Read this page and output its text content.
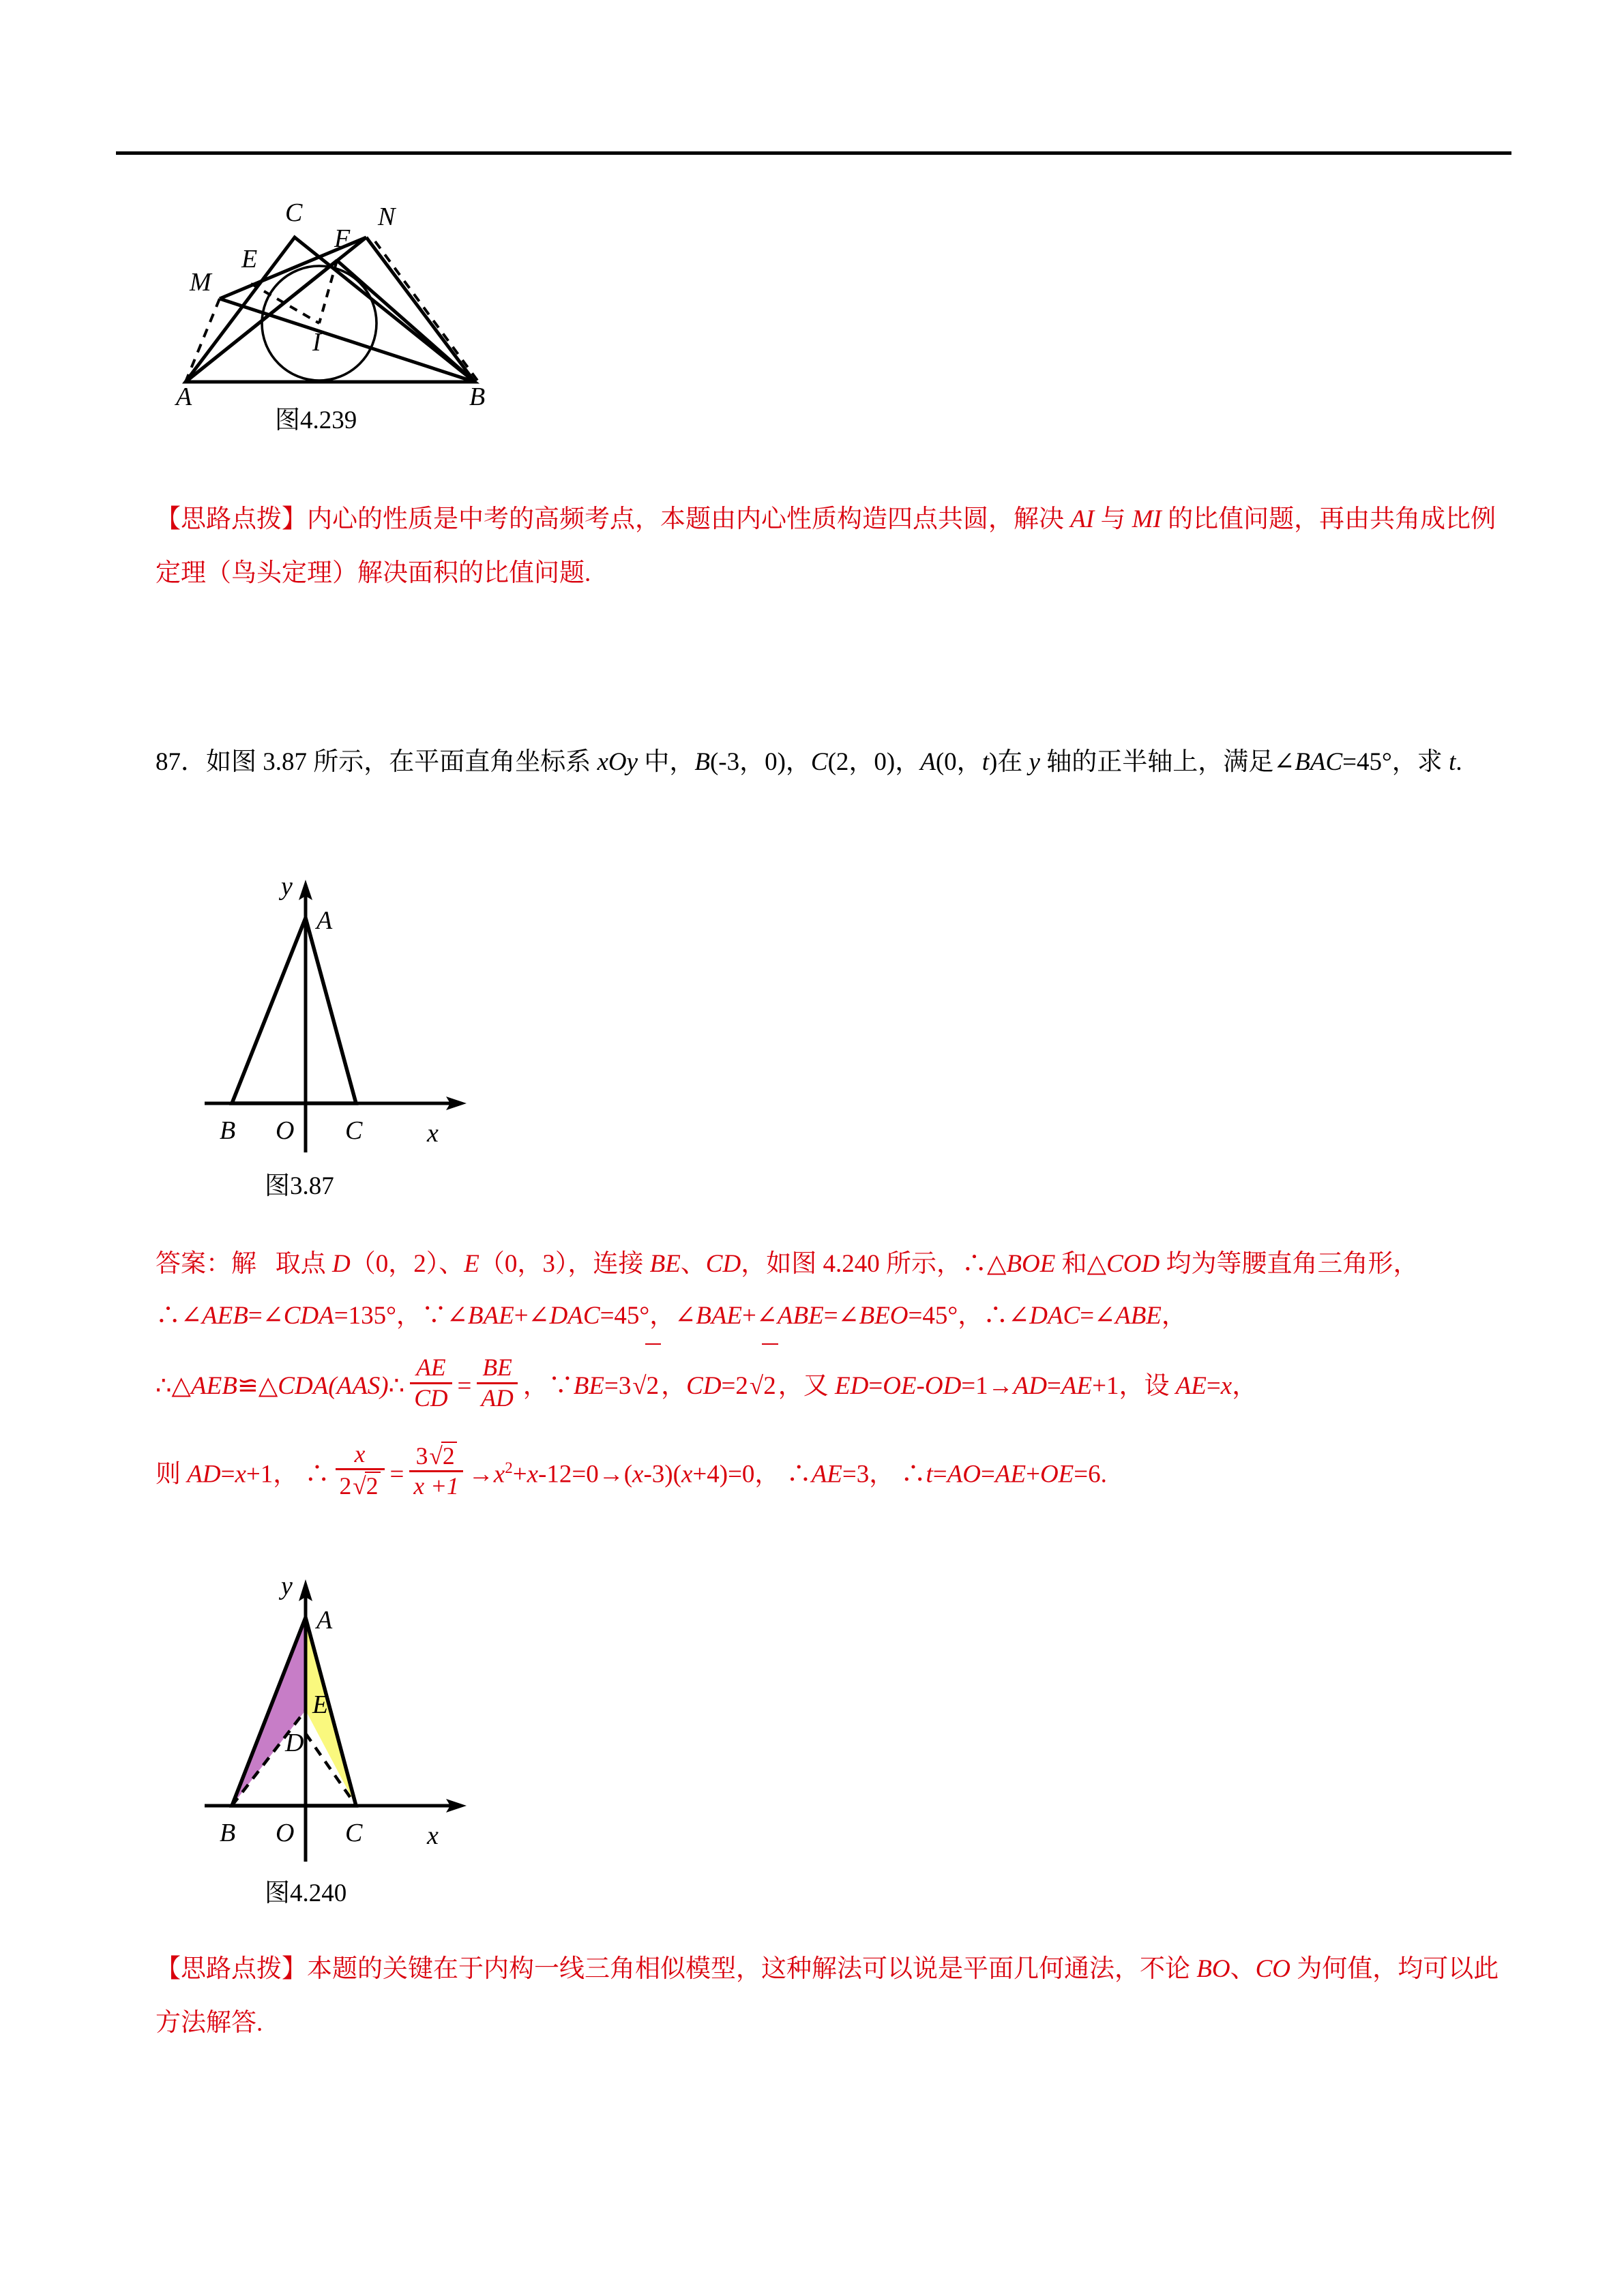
C
F
N
E
M
I
A	B
图4.239
【思路点拨】内心的性质是中考的高频考点，本题由内心性质构造四点共圆，解决 AI 与 MI 的比值问题，再由共角成比例定理（鸟头定理）解决面积的比值问题.
87．如图 3.87 所示，在平面直角坐标系 xOy 中，B(-3，0)，C(2，0)，A(0，t)在 y 轴的正半轴上，满足∠BAC=45°，求 t.
y
A
B O C x
图3.87
答案：解 取点 D（0，2）、E（0，3），连接 BE、CD，如图 4.240 所示，∴△BOE 和△COD 均为等腰直角三角形，∴∠AEB=∠CDA=135°，∵∠BAE+∠DAC=45°，∠BAE+∠ABE=∠BEO=45°，∴∠DAC=∠ABE，
∴△AEB≌△CDA(AAS)∴ $\frac{AE}{CD} = \frac{BE}{AD}$ ，∵BE=3√2，CD=2√2，又 ED=OE-OD=1→AD=AE+1，设 AE=x，
则 AD=x+1， ∴ $\frac{x}{2√2} = \frac{3√2}{x +1} \to x^2+x-12=0\to(x-3)(x+4)=0$， ∴AE=3， ∴t=AO=AE+OE=6.
y
A
E
D
B O C x
图4.240
【思路点拨】本题的关键在于内构一线三角相似模型，这种解法可以说是平面几何通法，不论 BO、CO 为何值，均可以此方法解答.
